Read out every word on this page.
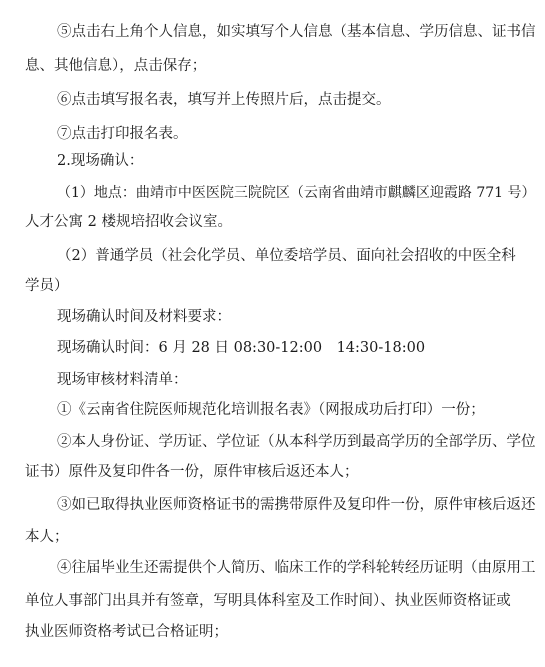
⑤点击右上角个人信息，如实填写个人信息（基本信息、学历信息、证书信
息、其他信息），点击保存；
⑥点击填写报名表，填写并上传照片后，点击提交。
⑦点击打印报名表。
2.现场确认：
（1）地点：曲靖市中医医院三院院区（云南省曲靖市麒麟区迎霞路 771 号）
人才公寓 2 楼规培招收会议室。
（2）普通学员（社会化学员、单位委培学员、面向社会招收的中医全科
学员）
现场确认时间及材料要求：
现场确认时间：6 月 28 日 08:30-12:00　14:30-18:00
现场审核材料清单：
①《云南省住院医师规范化培训报名表》（网报成功后打印）一份；
②本人身份证、学历证、学位证（从本科学历到最高学历的全部学历、学位
证书）原件及复印件各一份，原件审核后返还本人；
③如已取得执业医师资格证书的需携带原件及复印件一份，原件审核后返还
本人；
④往届毕业生还需提供个人简历、临床工作的学科轮转经历证明（由原用工
单位人事部门出具并有签章，写明具体科室及工作时间）、执业医师资格证或
执业医师资格考试已合格证明；
